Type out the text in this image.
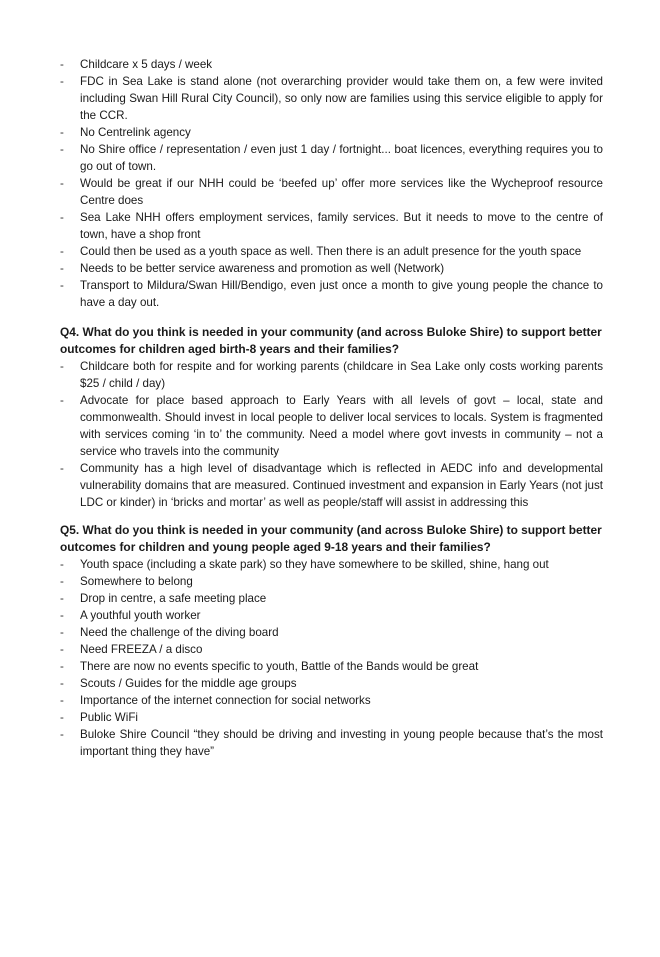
- Childcare x 5 days / week
- FDC in Sea Lake is stand alone (not overarching provider would take them on, a few were invited including Swan Hill Rural City Council), so only now are families using this service eligible to apply for the CCR.
- No Centrelink agency
- No Shire office / representation / even just 1 day / fortnight... boat licences, everything requires you to go out of town.
- Would be great if our NHH could be ‘beefed up’ offer more services like the Wycheproof resource Centre does
- Sea Lake NHH offers employment services, family services. But it needs to move to the centre of town, have a shop front
- Could then be used as a youth space as well. Then there is an adult presence for the youth space
- Needs to be better service awareness and promotion as well (Network)
- Transport to Mildura/Swan Hill/Bendigo, even just once a month to give young people the chance to have a day out.

Q4. What do you think is needed in your community (and across Buloke Shire) to support better outcomes for children aged birth-8 years and their families?

- Childcare both for respite and for working parents (childcare in Sea Lake only costs working parents $25 / child / day)
- Advocate for place based approach to Early Years with all levels of govt – local, state and commonwealth. Should invest in local people to deliver local services to locals. System is fragmented with services coming ‘in to’ the community. Need a model where govt invests in community – not a service who travels into the community
- Community has a high level of disadvantage which is reflected in AEDC info and developmental vulnerability domains that are measured. Continued investment and expansion in Early Years (not just LDC or kinder) in ‘bricks and mortar’ as well as people/staff will assist in addressing this

Q5. What do you think is needed in your community (and across Buloke Shire) to support better outcomes for children and young people aged 9-18 years and their families?

- Youth space (including a skate park) so they have somewhere to be skilled, shine, hang out
- Somewhere to belong
- Drop in centre, a safe meeting place
- A youthful youth worker
- Need the challenge of the diving board
- Need FREEZA / a disco
- There are now no events specific to youth, Battle of the Bands would be great
- Scouts / Guides for the middle age groups
- Importance of the internet connection for social networks
- Public WiFi
- Buloke Shire Council “they should be driving and investing in young people because that’s the most important thing they have”
